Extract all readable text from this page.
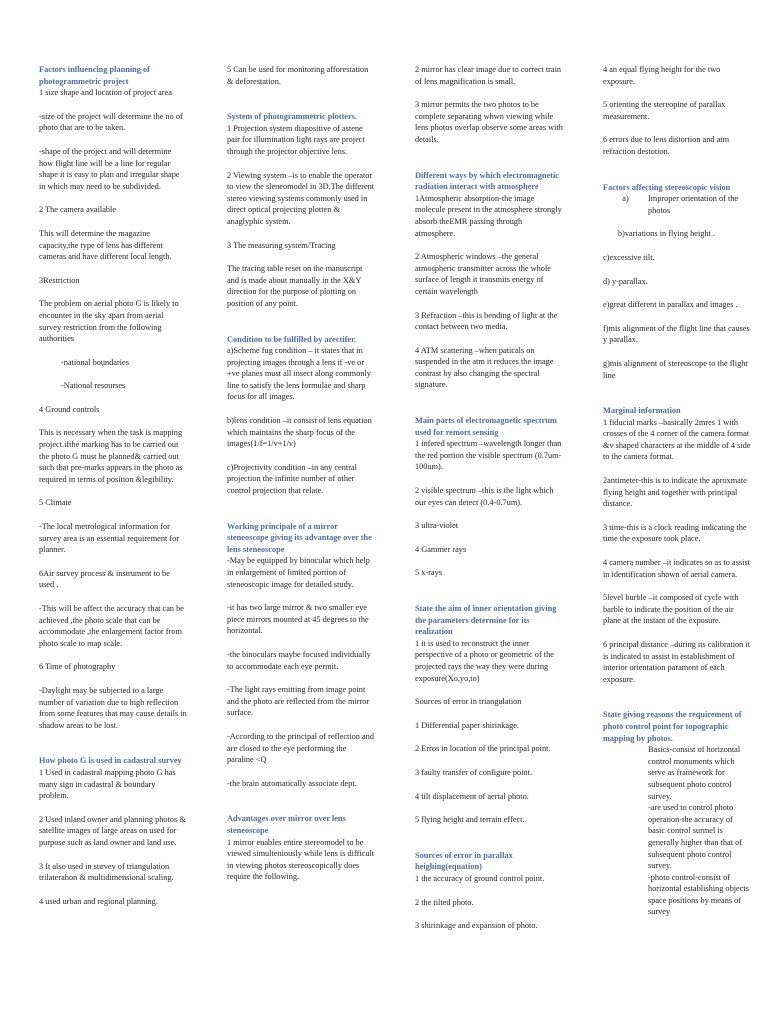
Factors influencing planning of photogrammetric project
1 size shape and location of project area
-size of the project will determine the no of photo that are to be taken.
-shape of the project and will determine how flight line will be a line for regular shape it is easy to plan and irregular shape in which may need to be subdivided.
2 The camera available
This will determine the magazine capacity,the type of lens has different cameras and have different local length.
3Restriction
The problem on aerial photo G is likely to encounter in the sky apart from aerial survey restriction from the following authorities
-national boundaries
-National resourses
4 Ground controls
This is necessary when the task is mapping project.ifthe marking has to be carried out the photo G must be planned& carried out such that pre-marks appears in the photo as required in terms of position &legibility.
5 Climate
-The local metrological information for survey area is an essential requirement for planner.
6Air survey process & instrument to be used .
-This will be affect the accuracy that can be achieved ,the photo scale that can be accommodate ,the enlargement factor from photo scale to map scale.
6 Time of photography
-Daylight may be subjected to a large number of variation due to high reflection from some features that may cause details in shadow areas to be lost.
How photo G is used in cadastral survey
1 Used in cadastral mapping photo G has many sign in cadastral & boundary problem.
2 Used inland owner and planning photos & satellite images of large areas on used for purpose such as land owner and land use.
3 It also used in survey of triangulation trilaterahon & multidimensional scaling.
4 used urban and regional planning.
5 Can be used for monitoring afforestation & deforestation.
System of photogrammetric plotters.
1 Projection system diapositive of astene pair for illumination light rays are project through the projector objective lens.
2 Viewing system –is to enable the operator to view the sleneomodel in 3D.The different stereo viewing systems commonly used in direct optical projecting plotten & anaglyphic system.
3 The measuring system/Tracing
The tracing table reset on the manuscript and is made about manually in the X&Y direction for the purpose of plotting on position of any point.
Condition to be fulfilled by arectifer.
a)Scheme fug condition – it states that in projecting images through a lens if -ve or +ve planes must all insect along commonly line to satisfy the lens formulae and sharp focus for all images.
b)lens condition –it consist of lens equation which maintains the sharp focus of the images(1/f=1/v+1/v)
c)Projectivity condition –in any central projection the infinite number of other control projection that relate.
Working principale of a mirror steneoscope giving its advantage over the lens steneoscope
-May be equipped by binocular which help in enlargement of limited portion of steneoscopic image for detailed study.
-it has two large mirror & two smaller eye piece mirrors mounted at 45 degrees to the horizontal.
-the binoculars maybe focused individually to accommodate each eye permit.
-The light rays emitting from image point and the photo are reflected from the mirror surface.
-According to the principal of reflection and are closed to the eye performing the paraline <Q
-the brain automatically associate dept.
Advantages over mirror over lens steneoscope
1 mirror enables entire stereomodel to be viewed simulteniously while lens is difficult in viewing photos stereoscopically does require the following.
2 mirror has clear image due to correct train of lens magnification is small.
3 mirror permits the two photos to be complete separating whwn viewing while lens photos overlap observe some areas with details.
Different ways by which electromagnetic radiation interact with atmosphere
1Atmospheric absorption-the image molecule present in the atmosphere strongly absorb theEMR passing through atmosphere.
2 Atmospheric windows –the general atmospheric transmitter across the whole surface of length it transmits energy of certain wavelength
3 Refraction –this is bending of light at the contact between two media.
4 ATM scattering –when paticals on suspended in the atm it reduces the image contrast by also changing the spectral signature.
Main parts of electromagnetic spectrum used for remort sensing
1 infered spectrum –wavelength longer than the red portion the visible spectrum (0.7um-100um).
2 visible spectrum –this is the light which our eyes can detect (0.4-0.7um).
3 ultra-violet
4 Gammer rays
5 x-rays
State the aim of inner orientation giving the parameters determine for its realization
1 it is used to reconstruct the inner perspective of a photo or geometric of the projected rays the way they were during exposure(Xo,yo,to)
Sources of error in triangulation
1 Differential paper shirinkage.
2 Erros in location of the principal point.
3 faulty transfer of configure point.
4 tilt displacement of aerial photo.
5 flying height and terrain effect.
Sources of error in parallax heighing(equation)
1 the accuracy of ground control point.
2 the tilted photo.
3 shirinkage and expansion of photo.
4 an equal flying height for the two exposure.
5 orienting the stereopine of parallax measurement.
6 errors due to lens distortion and atm refraction destotion.
Factors affecting stereoscopic vision
a)	Improper orientation of the photos
b)variations in flying height .
c)excessive tilt.
d) y-parallax.
e)great different in parallax and images .
f)mis alignment of the flight line that causes y parallax.
g)mis alignment of stereoscope to the flight line
Marginal information
1 fiducial marks –basically 2mres 1 with crosses of the 4 corner of the camera format &v shaped characters at the middle of 4 side to the camera format.
2antimeter-this is to indicate the aproxmate flying height and together with principal distance.
3 time-this is a clock reading indicating the time the exposure took place.
4 camera number –it indicates so as to assist in identification shown of aerial camera.
5level burble –it composed of cycle with barble to indicate the position of the air plane at the instant of the exposure.
6 principal distance –during its calibration it is indicated to assist in establishment of interior orientation parament of each exposure.
State giving reasons the requirement of photo control point for topographic mapping by photos.
Basics-consist of horizontal control monuments which serve as framework for subsequent photo control survey.
-are used to control photo operation-the accuracy of basic control surmel is generally higher than that of subsequent photo control survey.
-photo control-consist of horizontal establishing objects space positions by means of survey
